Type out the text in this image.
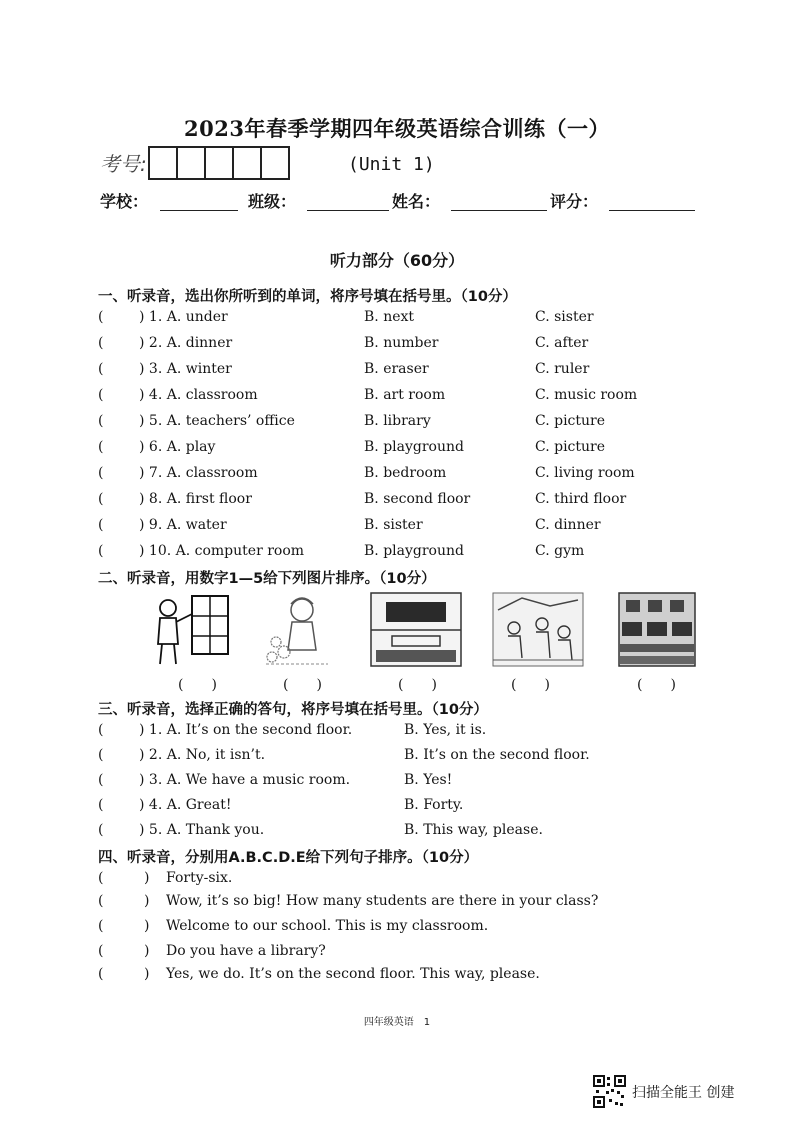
2023年春季学期四年级英语综合训练（一）
考号:	(Unit 1)
学校：	班级：	姓名：	评分：
听力部分（60分）
一、听录音，选出你所听到的单词，将序号填在括号里。（10分）
(	) 1. A. under	B. next	C. sister
(	) 2. A. dinner	B. number	C. after
(	) 3. A. winter	B. eraser	C. ruler
(	) 4. A. classroom	B. art room	C. music room
(	) 5. A. teachers’ office	B. library	C. picture
(	) 6. A. play	B. playground	C. picture
(	) 7. A. classroom	B. bedroom	C. living room
(	) 8. A. first floor	B. second floor	C. third floor
(	) 9. A. water	B. sister	C. dinner
(	) 10. A. computer room	B. playground	C. gym
二、听录音，用数字1—5给下列图片排序。（10分）
(　　)	(　　)	(　　)	(　　)	(　　)
三、听录音，选择正确的答句，将序号填在括号里。（10分）
(	) 1. A. It’s on the second floor.	B. Yes, it is.
(	) 2. A. No, it isn’t.	B. It’s on the second floor.
(	) 3. A. We have a music room.	B. Yes!
(	) 4. A. Great!	B. Forty.
(	) 5. A. Thank you.	B. This way, please.
四、听录音，分别用A.B.C.D.E给下列句子排序。（10分）
(	) Forty-six.
(	) Wow, it’s so big! How many students are there in your class?
(	) Welcome to our school. This is my classroom.
(	) Do you have a library?
(	) Yes, we do. It’s on the second floor. This way, please.
四年级英语　1
扫描全能王 创建
